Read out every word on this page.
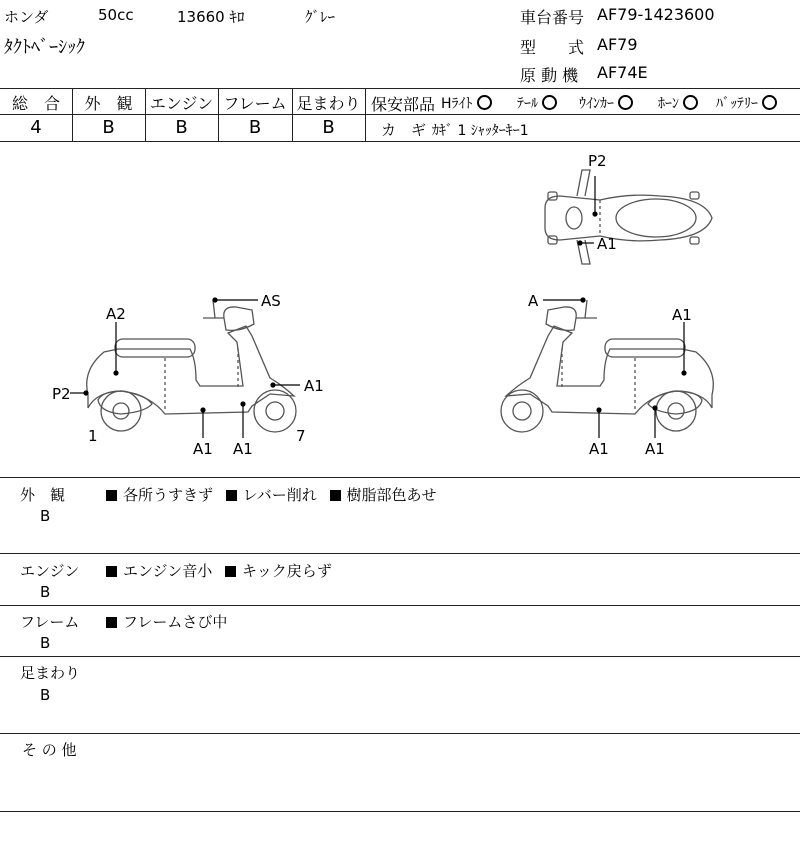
ホンダ	50cc	13660 ｷﾛ	ｸﾞﾚｰ
ﾀｸﾄﾍﾞｰｼｯｸ
車台番号 AF79-1423600
型　　式 AF79
原 動 機 AF74E
総　合	外　観	エンジン フレーム 足まわり
4	B	B	B	B
保安部品 Hﾗｲﾄ	ﾃｰﾙ	ｳｲﾝｶｰ	ﾎｰﾝ	ﾊﾞｯﾃﾘｰ
カ　ギ ｶｷﾞ 1 ｼｬｯﾀｰｷｰ1
P2
A1
AS
A2
P2	A1
1
A1 A1
7
A
A1
A1 A1
外　観
B
各所うすきず レバー削れ 樹脂部色あせ
エンジン
B
エンジン音小 キック戻らず
フレーム
B
フレームさび中
足まわり
B
そ の 他
